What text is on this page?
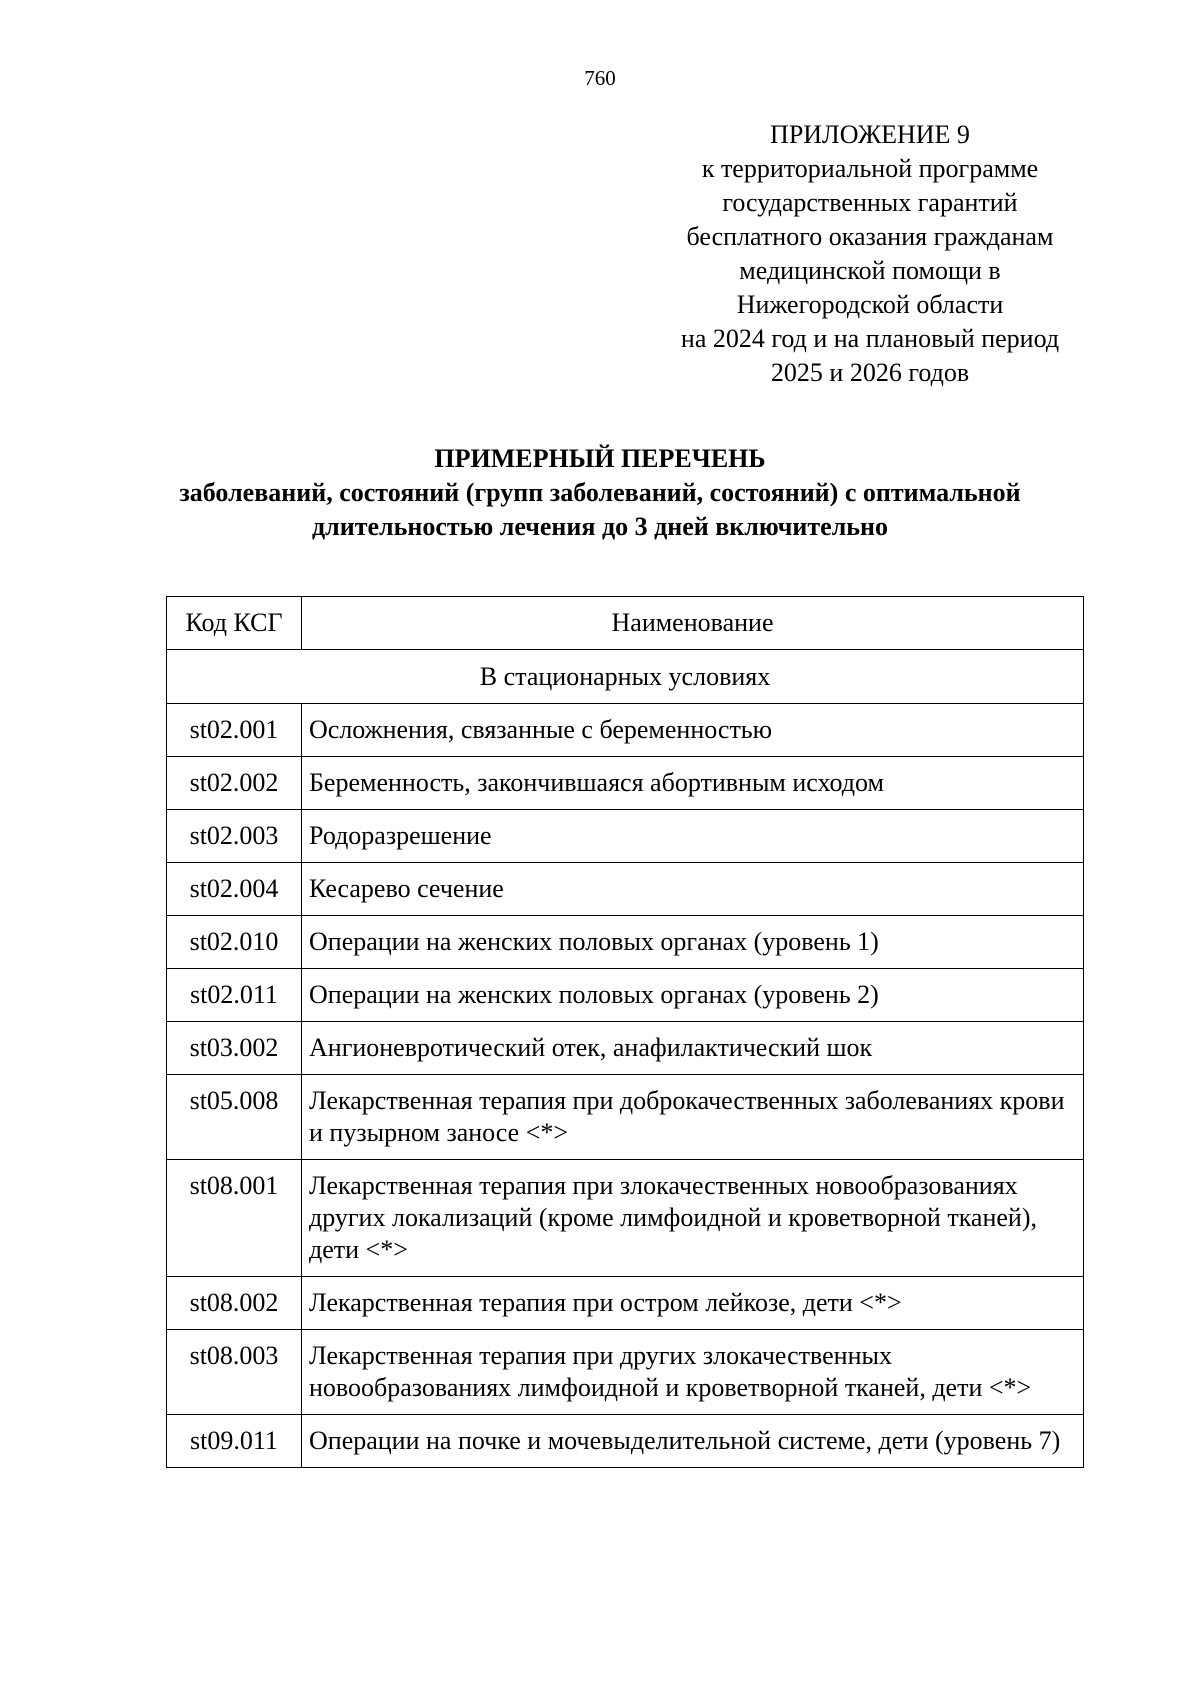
760
ПРИЛОЖЕНИЕ 9
к территориальной программе
государственных гарантий
бесплатного оказания гражданам
медицинской помощи в
Нижегородской области
на 2024 год и на плановый период
2025 и 2026 годов
ПРИМЕРНЫЙ ПЕРЕЧЕНЬ
заболеваний, состояний (групп заболеваний, состояний) с оптимальной
длительностью лечения до 3 дней включительно
Код КСГ	Наименование
В стационарных условиях	
st02.001	Осложнения, связанные с беременностью
st02.002	Беременность, закончившаяся абортивным исходом
st02.003	Родоразрешение
st02.004	Кесарево сечение
st02.010	Операции на женских половых органах (уровень 1)
st02.011	Операции на женских половых органах (уровень 2)
st03.002	Ангионевротический отек, анафилактический шок
st05.008	Лекарственная терапия при доброкачественных заболеваниях крови и пузырном заносе <*>
st08.001	Лекарственная терапия при злокачественных новообразованиях других локализаций (кроме лимфоидной и кроветворной тканей), дети <*>
st08.002	Лекарственная терапия при остром лейкозе, дети <*>
st08.003	Лекарственная терапия при других злокачественных новообразованиях лимфоидной и кроветворной тканей, дети <*>
st09.011	Операции на почке и мочевыделительной системе, дети (уровень 7)
